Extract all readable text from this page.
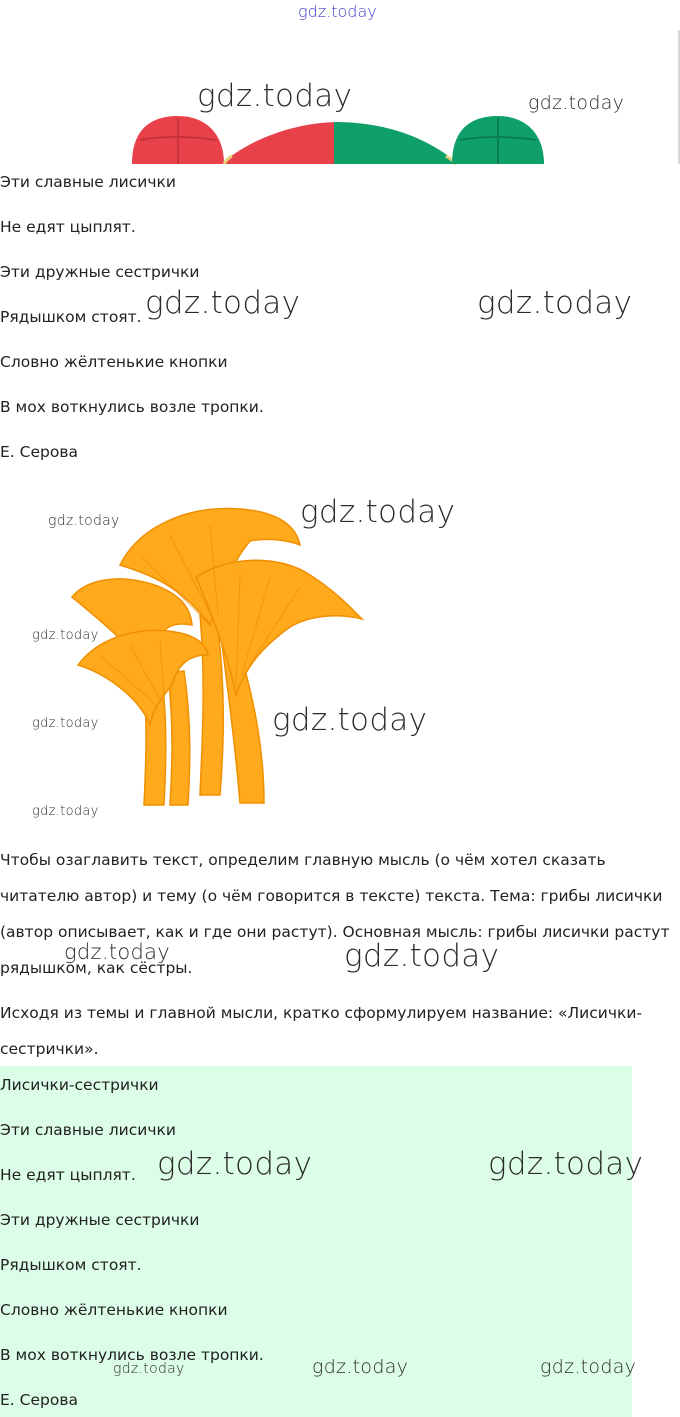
gdz.today

Эти славные лисички

Не едят цыплят.

Эти дружные сестрички

Рядышком стоят.

Словно жёлтенькие кнопки

В мох воткнулись возле тропки.

Е. Серова

Чтобы озаглавить текст, определим главную мысль (о чём хотел сказать читателю автор) и тему (о чём говорится в тексте) текста. Тема: грибы лисички (автор описывает, как и где они растут). Основная мысль: грибы лисички растут рядышком, как сёстры.

Исходя из темы и главной мысли, кратко сформулируем название: «Лисички-сестрички».

Лисички-сестрички

Эти славные лисички

Не едят цыплят.

Эти дружные сестрички

Рядышком стоят.

Словно жёлтенькие кнопки

В мох воткнулись возле тропки.

Е. Серова

gdz.today	gdz.today
gdz.today	gdz.today
gdz.today	gdz.today
gdz.today
gdz.today	gdz.today
gdz.today
gdz.today	gdz.today
gdz.today	gdz.today
gdz.today
gdz.today	gdz.today
